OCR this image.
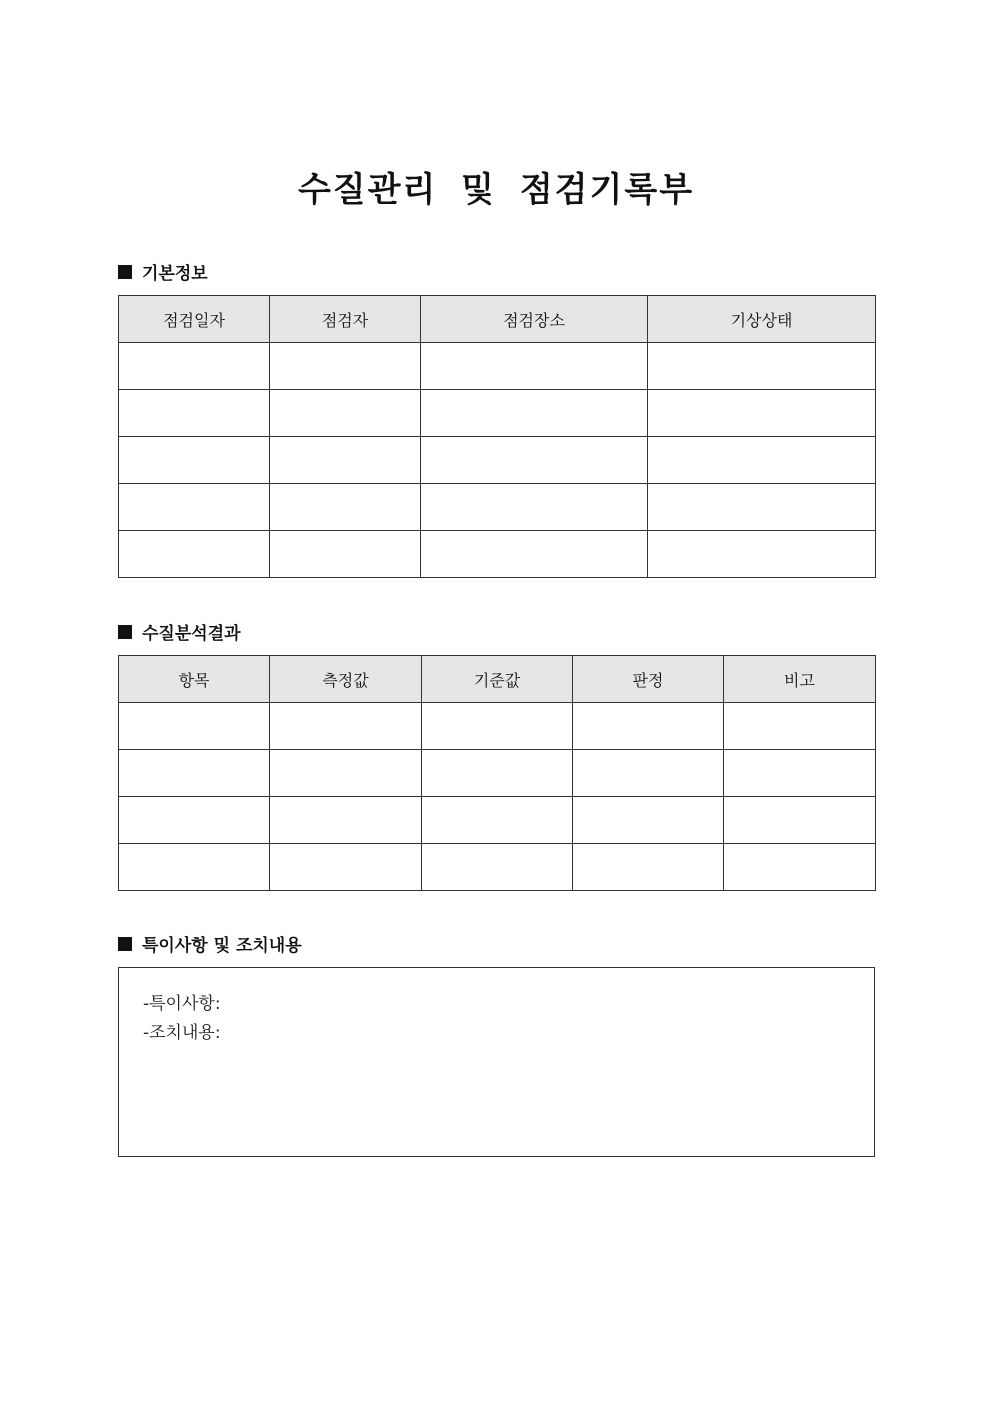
수질관리 및 점검기록부
기본정보
점검일자	점검자	점검장소	기상상태

수질분석결과
항목	측정값	기준값	판정	비고

특이사항 및 조치내용
-특이사항:
-조치내용:
